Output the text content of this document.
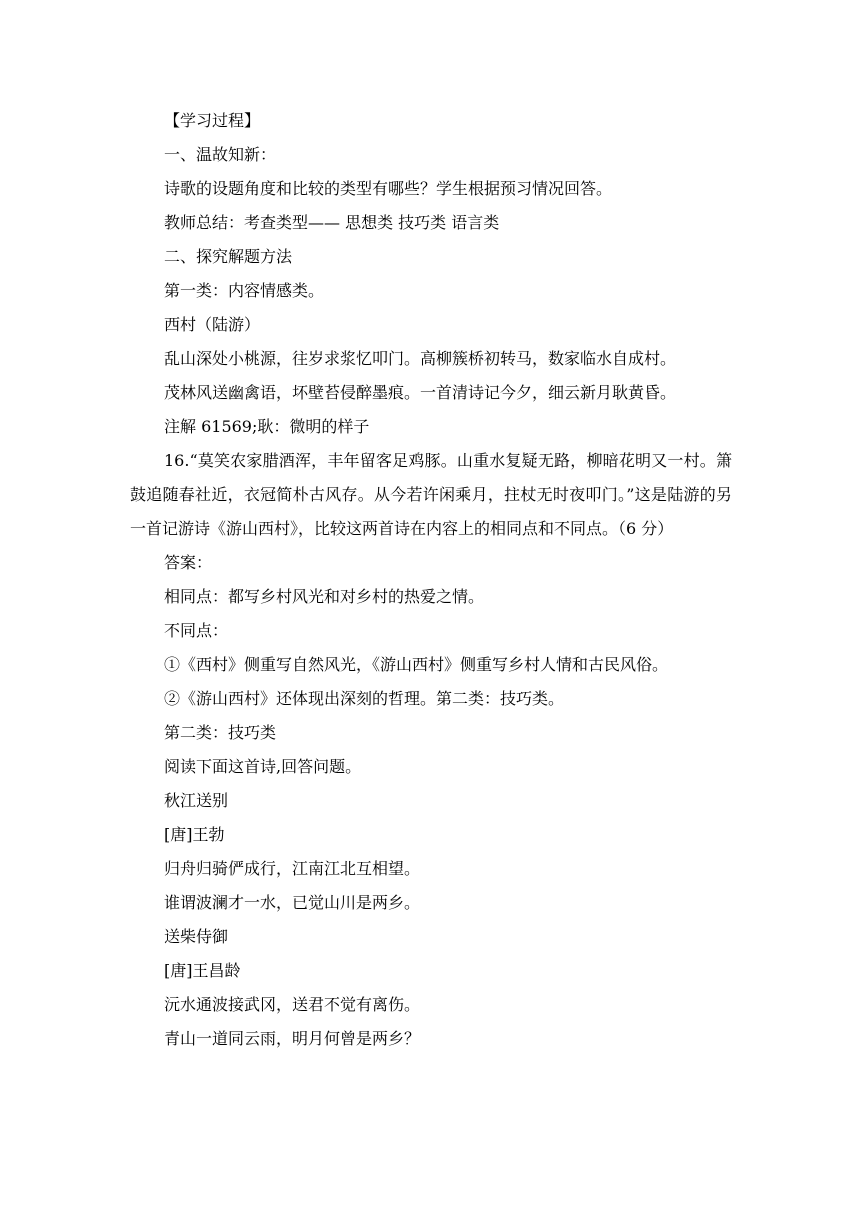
【学习过程】

一、温故知新：

诗歌的设题角度和比较的类型有哪些？学生根据预习情况回答。

教师总结：考查类型—— 思想类 技巧类 语言类

二、探究解题方法

第一类：内容情感类。

西村（陆游）

乱山深处小桃源，往岁求浆忆叩门。高柳簇桥初转马，数家临水自成村。

茂林风送幽禽语，坏壁苔侵醉墨痕。一首清诗记今夕，细云新月耿黄昏。

注解 61569;耿：微明的样子

16.“莫笑农家腊酒浑，丰年留客足鸡豚。山重水复疑无路，柳暗花明又一村。箫鼓追随春社近，衣冠简朴古风存。从今若许闲乘月，拄杖无时夜叩门。”这是陆游的另一首记游诗《游山西村》，比较这两首诗在内容上的相同点和不同点。（6 分）

答案：

相同点：都写乡村风光和对乡村的热爱之情。

不同点：

①《西村》侧重写自然风光，《游山西村》侧重写乡村人情和古民风俗。

②《游山西村》还体现出深刻的哲理。第二类：技巧类。

第二类：技巧类

阅读下面这首诗,回答问题。

秋江送别

[唐]王勃

归舟归骑俨成行，江南江北互相望。

谁谓波澜才一水，已觉山川是两乡。

送柴侍御

[唐]王昌龄

沅水通波接武冈，送君不觉有离伤。

青山一道同云雨，明月何曾是两乡？
